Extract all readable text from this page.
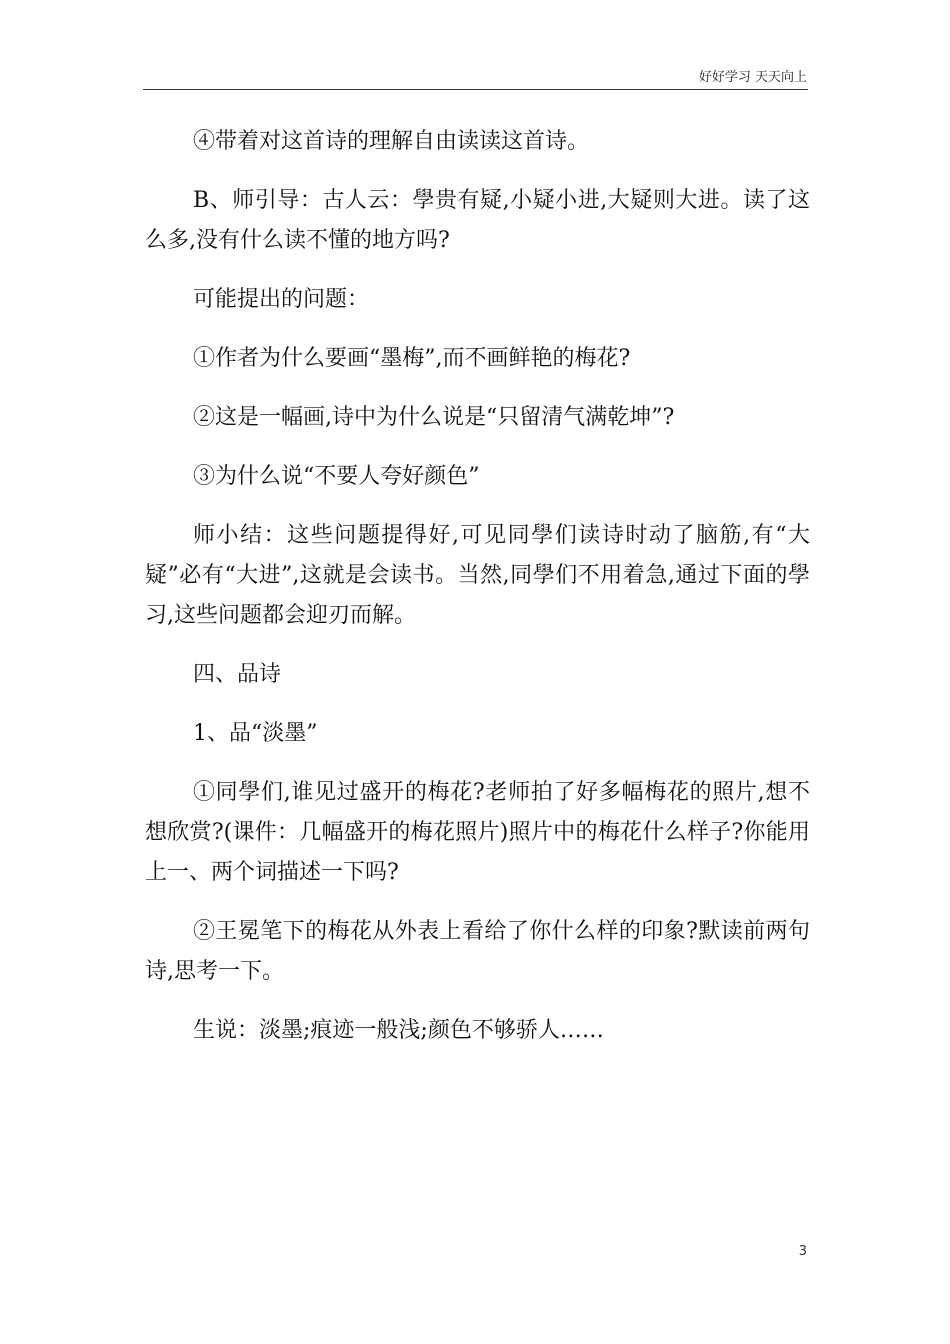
好好学习 天天向上

④带着对这首诗的理解自由读读这首诗。

B、师引导：古人云：學贵有疑,小疑小进,大疑则大进。读了这么多,没有什么读不懂的地方吗?

可能提出的问题：

①作者为什么要画“墨梅”,而不画鲜艳的梅花?

②这是一幅画,诗中为什么说是“只留清气满乾坤”?

③为什么说“不要人夸好颜色”

师小结：这些问题提得好,可见同學们读诗时动了脑筋,有“大疑”必有“大进”,这就是会读书。当然,同學们不用着急,通过下面的學习,这些问题都会迎刃而解。

四、品诗

1、品“淡墨”

①同學们,谁见过盛开的梅花?老师拍了好多幅梅花的照片,想不想欣赏?(课件：几幅盛开的梅花照片)照片中的梅花什么样子?你能用上一、两个词描述一下吗?

②王冕笔下的梅花从外表上看给了你什么样的印象?默读前两句诗,思考一下。

生说：淡墨;痕迹一般浅;颜色不够骄人……

3
